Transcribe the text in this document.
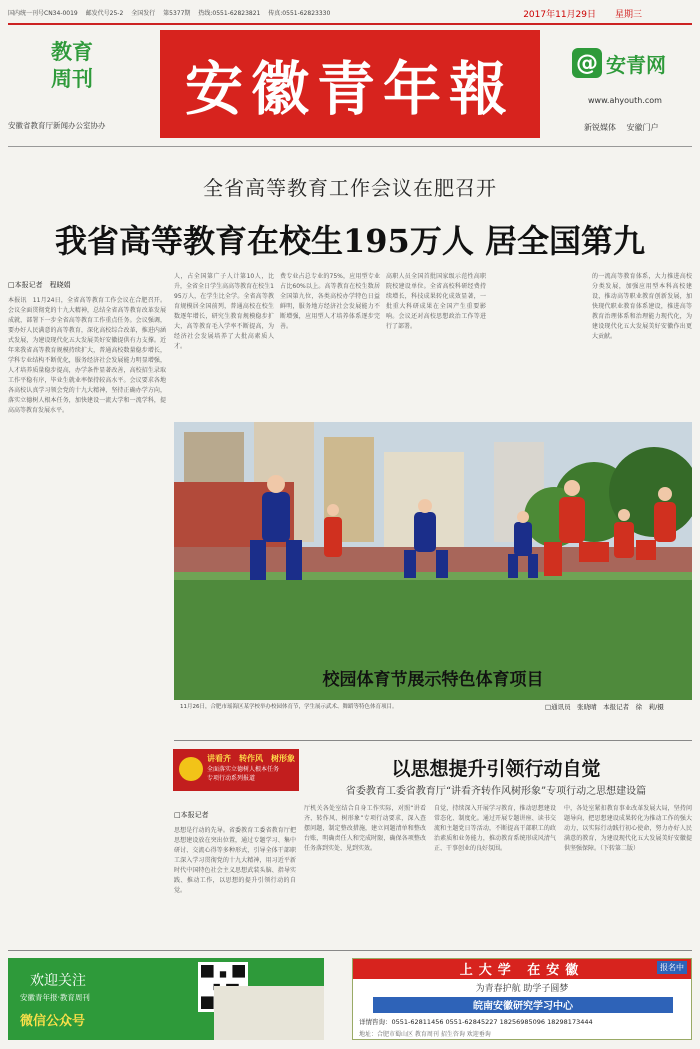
国内统一刊号CN34-0019 邮发代号25-2 全国发行 第5377期 热线:0551-62823821 传真:0551-62823330	2017年11月29日 星期三
教育
周刊
安徽省教育厅新闻办公室协办
安徽青年報	@ 安青网
www.ahyouth.com
新锐媒体 安徽门户
全省高等教育工作会议在肥召开
我省高等教育在校生195万人 居全国第九
□本报记者　程晓娟
本报讯　11月24日，全省高等教育工作会议在合肥召开。会议全面贯彻党的十九大精神，总结全省高等教育改革发展成就，部署下一步全省高等教育工作重点任务。会议强调，要办好人民满意的高等教育，深化高校综合改革，推进内涵式发展，为建设现代化五大发展美好安徽提供有力支撑。近年来我省高等教育规模持续扩大，普通高校数量稳步增长，学科专业结构不断优化，服务经济社会发展能力明显增强，人才培养质量稳步提高，办学条件显著改善，高校招生录取工作平稳有序，毕业生就业率保持较高水平。会议要求各地各高校认真学习领会党的十九大精神，坚持正确办学方向，落实立德树人根本任务，加快建设一流大学和一流学科，提高高等教育发展水平。
人，占全国第广子人计第10人，比升，全省全日学生高高等教育在校生195万人，在学生比全学。全省高等教育规模居全国前列，普通高校在校生数逐年增长，研究生教育规模稳步扩大，高等教育毛入学率不断提高，为经济社会发展培养了大批高素质人才。
费专业占总专业的75%，应用型专业占比60%以上。高等教育在校生数居全国第九位，各类高校办学特色日益鲜明，服务地方经济社会发展能力不断增强，应用型人才培养体系逐步完善。
高职人员全国首批国家级示范性高职院校建设单位。全省高校科研经费持续增长，科技成果转化成效显著，一批重大科研成果在全国产生重要影响。会议还对高校思想政治工作等进行了部署。
的一流高等教育体系，大力推进高校分类发展，加强应用型本科高校建设，推动高等职业教育创新发展，加快现代职业教育体系建设，推进高等教育治理体系和治理能力现代化，为建设现代化五大发展美好安徽作出更大贡献。
校园体育节展示特色体育项目
11月26日，合肥市瑶海区某学校举办校园体育节，学生展示武术、舞蹈等特色体育项目。	□通讯员　张晓晴　本报记者　徐　莉/摄
讲看齐　转作风　树形象
全面落实立德树人根本任务
专项行动系列报道	以思想提升引领行动自觉
省委教育工委省教育厅“讲看齐转作风树形象”专项行动之思想建设篇
□本报记者
思想是行动的先导。省委教育工委省教育厅把思想建设放在突出位置，通过专题学习、集中研讨、交流心得等多种形式，引导全体干部职工深入学习贯彻党的十九大精神，用习近平新时代中国特色社会主义思想武装头脑、指导实践、推动工作，以思想的提升引领行动的自觉。
厅机关各处室结合自身工作实际，对照“讲看齐、转作风、树形象”专项行动要求，深入查摆问题，制定整改措施，建立问题清单和整改台账，明确责任人和完成时限，确保各项整改任务落到实处、见到实效。
自觉，持续深入开展学习教育，推动思想建设常态化、制度化。通过开展专题讲座、读书交流和主题党日等活动，不断提高干部职工的政治素质和业务能力，推动教育系统形成风清气正、干事创业的良好氛围。
中，各处室紧扣教育事业改革发展大局，坚持问题导向，把思想建设成果转化为推动工作的强大动力，以实际行动践行初心使命，努力办好人民满意的教育，为建设现代化五大发展美好安徽提供坚强保障。（下转第二版）
欢迎关注
安徽青年报·教育周刊
微信公众号
上大学 在安徽	报名中
为青春护航 助学子圆梦
皖南安徽研究学习中心
详情咨询：0551-62811456 0551-62845227 18256985096 18298173444
地址：合肥市蜀山区 教育周刊 招生咨询 欢迎垂询
